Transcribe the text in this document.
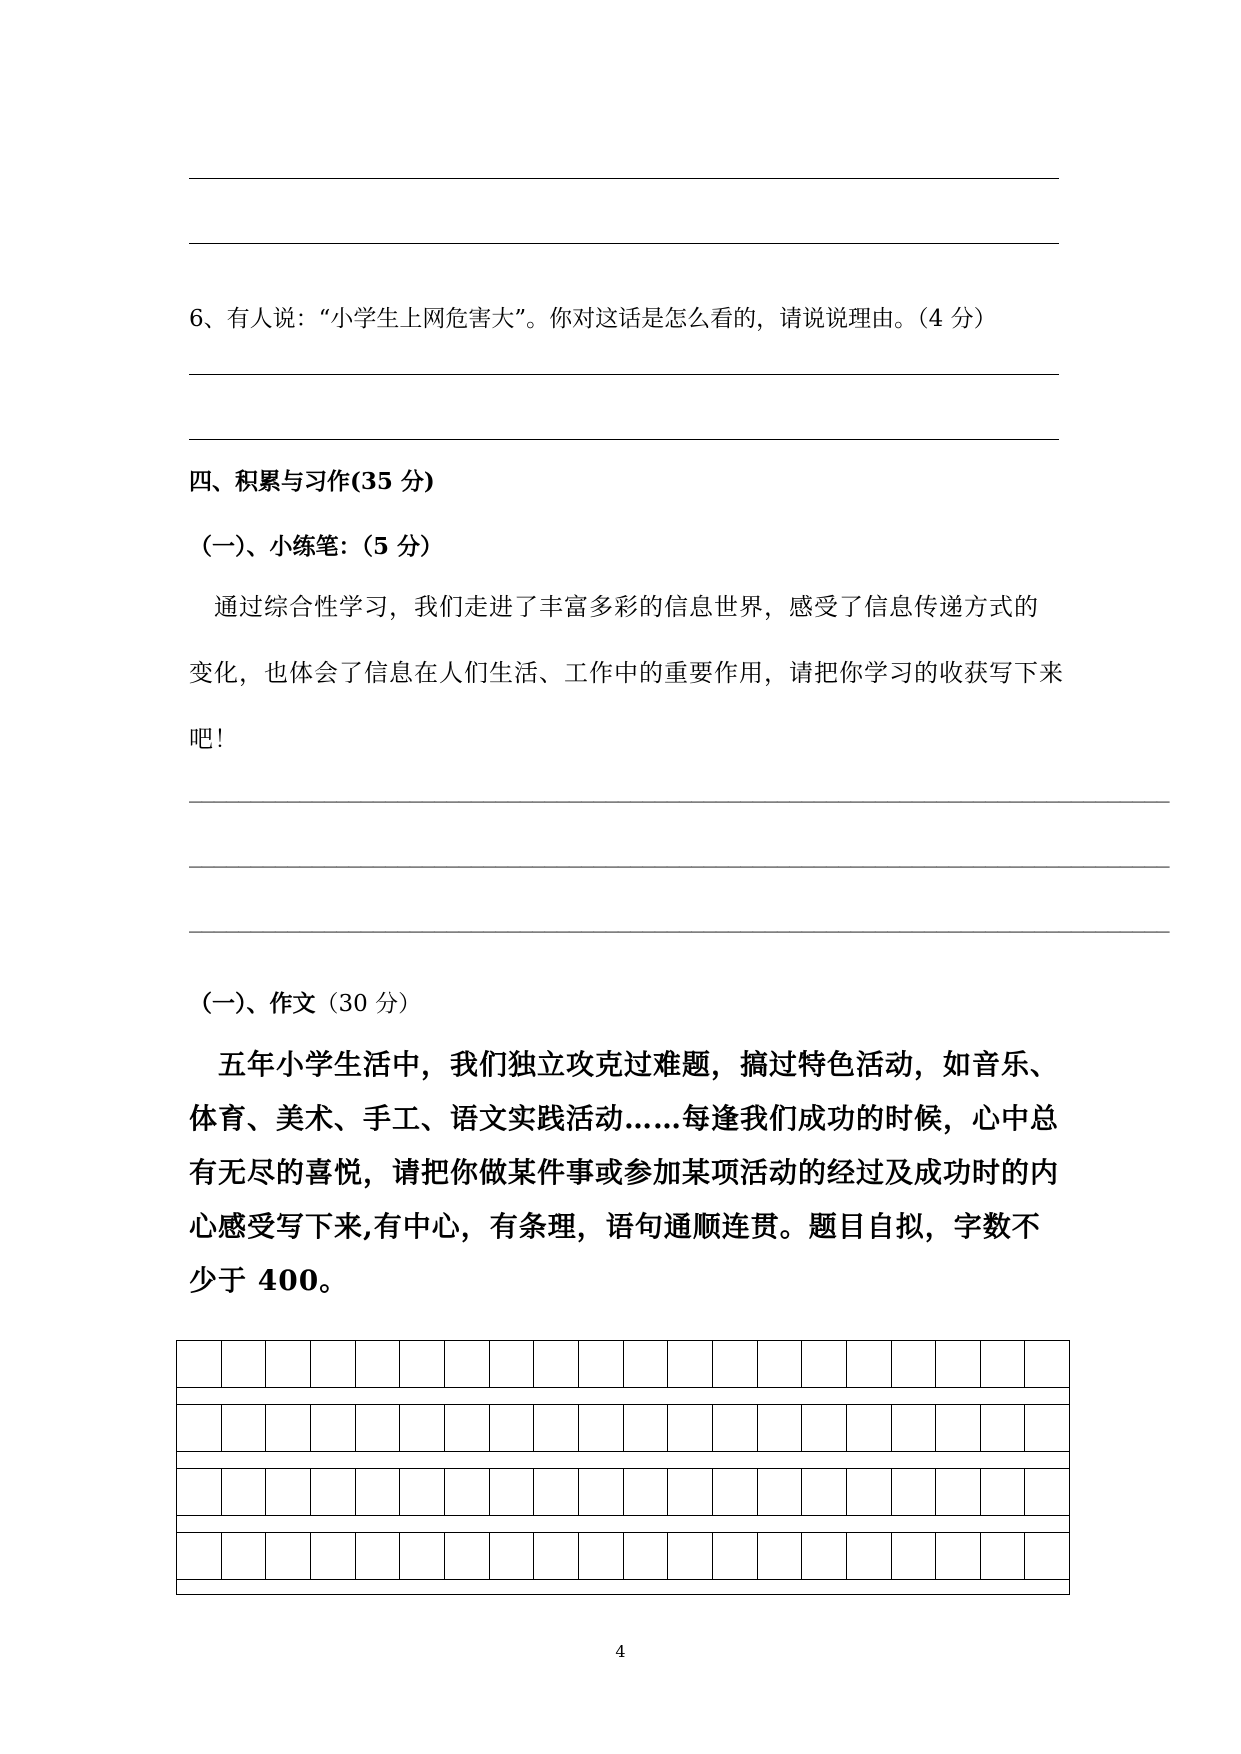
6、有人说：“小学生上网危害大”。你对这话是怎么看的，请说说理由。（4 分）
四、积累与习作(35 分)
（一）、小练笔：（5 分）
　通过综合性学习，我们走进了丰富多彩的信息世界，感受了信息传递方式的
变化，也体会了信息在人们生活、工作中的重要作用，请把你学习的收获写下来
吧！
________________________________________________________________________________
________________________________________________________________________________
________________________________________________________________________________
（一）、作文（30 分）
　五年小学生活中，我们独立攻克过难题，搞过特色活动，如音乐、
体育、美术、手工、语文实践活动……每逢我们成功的时候，心中总
有无尽的喜悦，请把你做某件事或参加某项活动的经过及成功时的内
心感受写下来,有中心，有条理，语句通顺连贯。题目自拟，字数不
少于 400。
4
